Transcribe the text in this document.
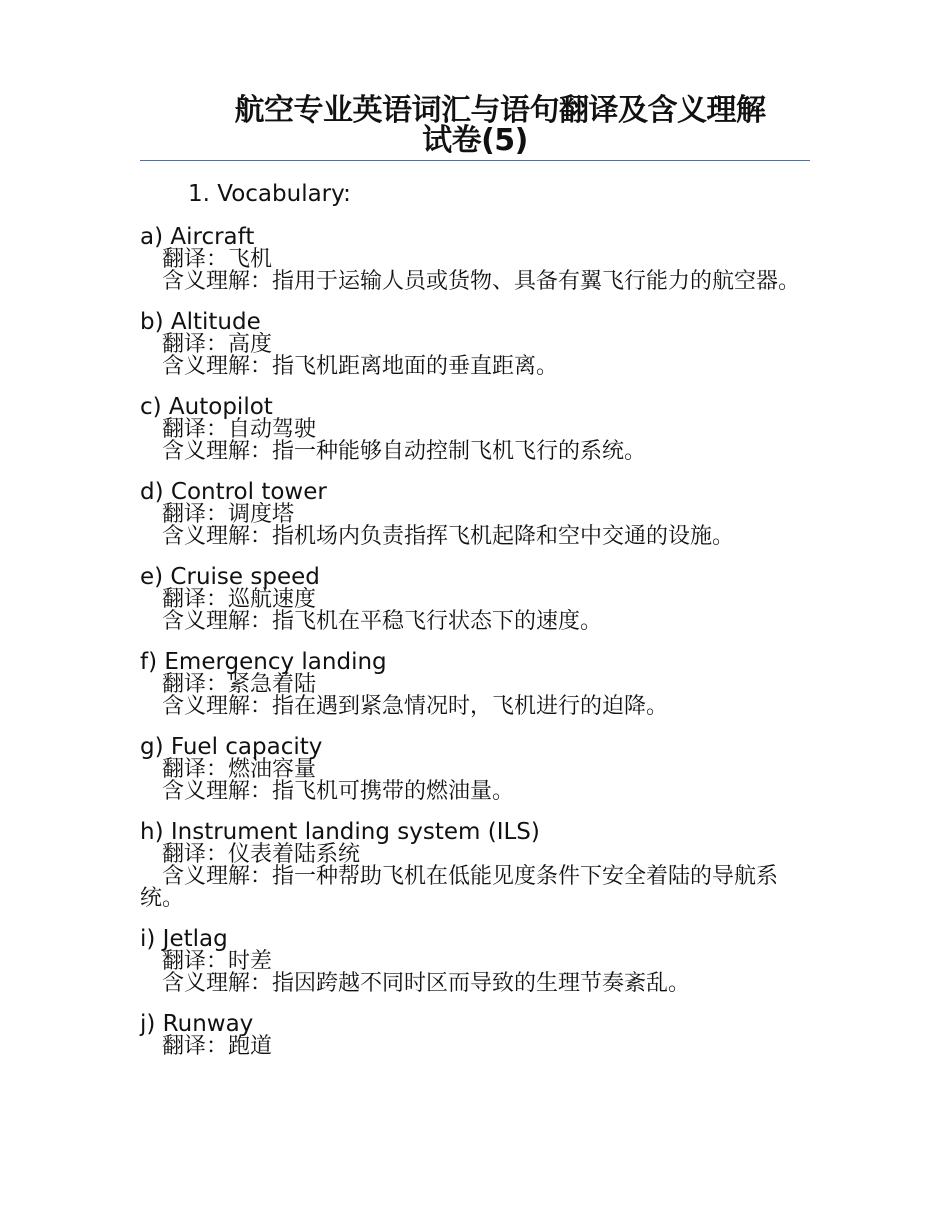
航空专业英语词汇与语句翻译及含义理解
试卷(5)
1. Vocabulary:
a) Aircraft
翻译：飞机
含义理解：指用于运输人员或货物、具备有翼飞行能力的航空器。
b) Altitude
翻译：高度
含义理解：指飞机距离地面的垂直距离。
c) Autopilot
翻译：自动驾驶
含义理解：指一种能够自动控制飞机飞行的系统。
d) Control tower
翻译：调度塔
含义理解：指机场内负责指挥飞机起降和空中交通的设施。
e) Cruise speed
翻译：巡航速度
含义理解：指飞机在平稳飞行状态下的速度。
f) Emergency landing
翻译：紧急着陆
含义理解：指在遇到紧急情况时，飞机进行的迫降。
g) Fuel capacity
翻译：燃油容量
含义理解：指飞机可携带的燃油量。
h) Instrument landing system (ILS)
翻译：仪表着陆系统
含义理解：指一种帮助飞机在低能见度条件下安全着陆的导航系统。
i) Jetlag
翻译：时差
含义理解：指因跨越不同时区而导致的生理节奏紊乱。
j) Runway
翻译：跑道
